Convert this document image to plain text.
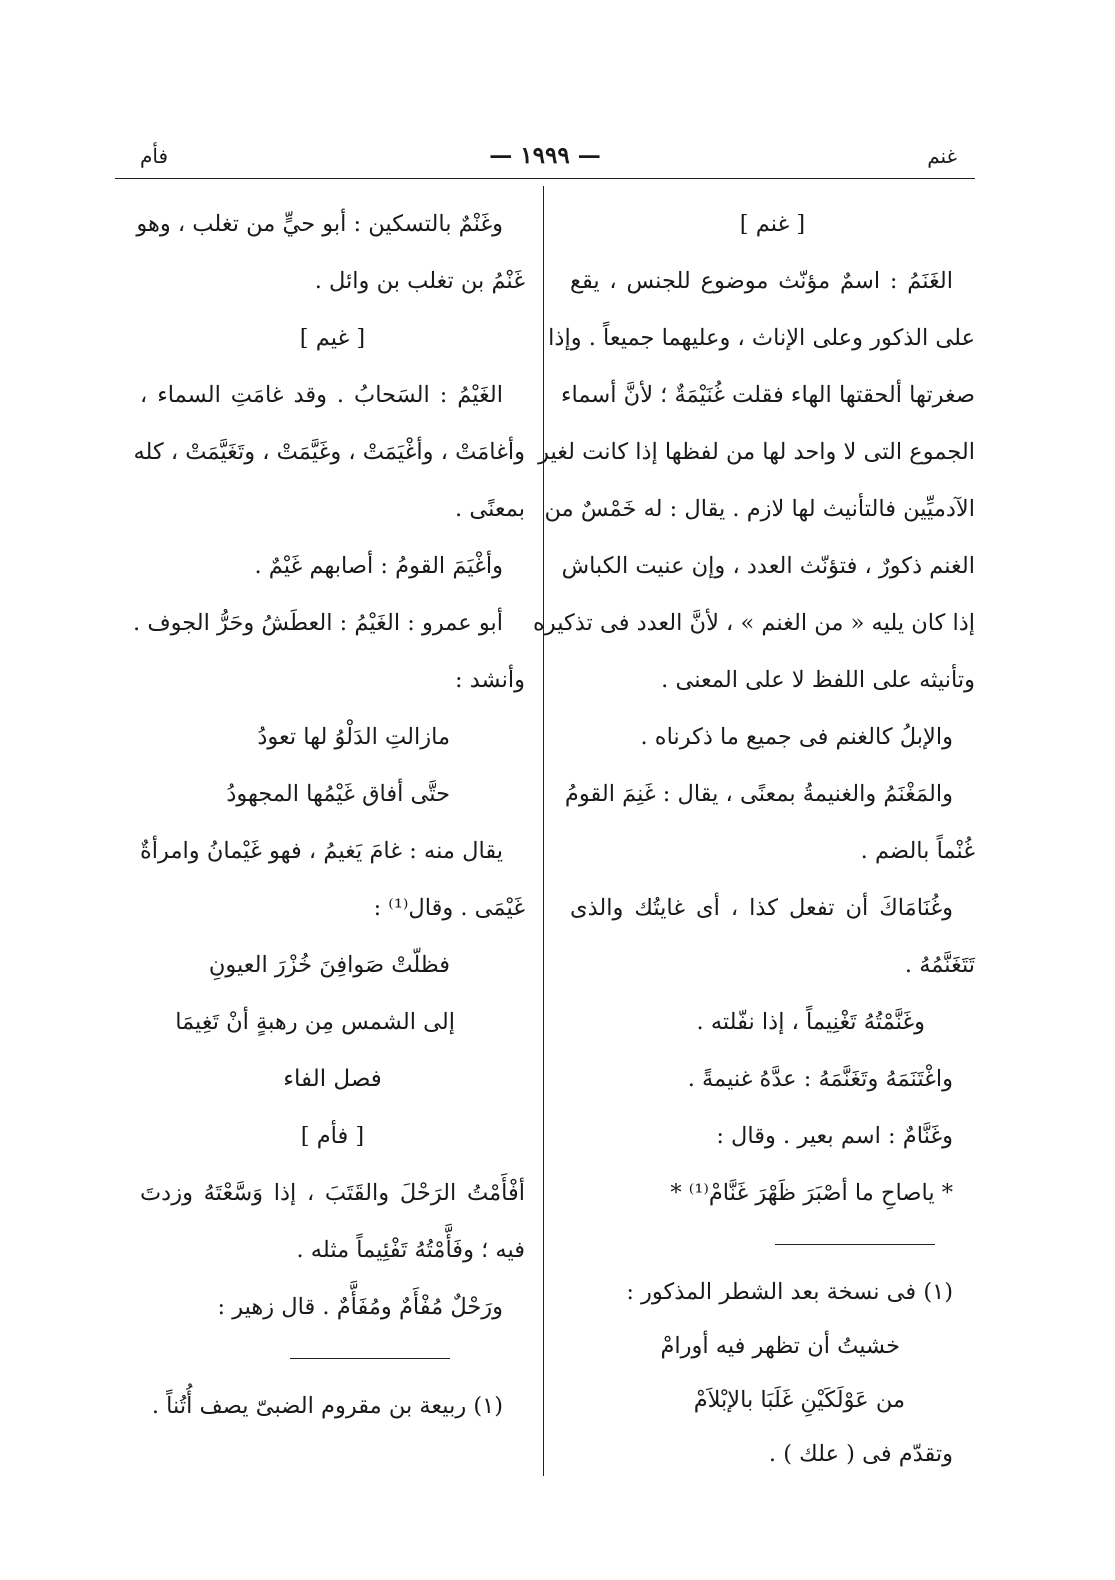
غنم
— ١٩٩٩ —
فأم
[ غنم ]
الغَنَمُ : اسمٌ مؤنّث موضوع للجنس ، يقع
على الذكور وعلى الإناث ، وعليهما جميعاً . وإذا
صغرتها ألحقتها الهاء فقلت غُنَيْمَةٌ ؛ لأنَّ أسماء
الجموع التى لا واحد لها من لفظها إذا كانت لغير
الآدميِّين فالتأنيث لها لازم . يقال : له خَمْسٌ من
الغنم ذكورٌ ، فتؤنّث العدد ، وإن عنيت الكباش
إذا كان يليه « من الغنم » ، لأنَّ العدد فى تذكيره
وتأنيثه على اللفظ لا على المعنى .
والإبلُ كالغنم فى جميع ما ذكرناه .
والمَغْنَمُ والغنيمةُ بمعنًى ، يقال : غَنِمَ القومُ
غُنْماً بالضم .
وغُنَامَاكَ أن تفعل كذا ، أى غايتُك والذى
تَتَغَنَّمُهُ .
وغَنَّمْتُهُ تَغْنِيماً ، إذا نفّلته .
واغْتَنَمَهُ وتَغَنَّمَهُ : عدَّهُ غنيمةً .
وغَنَّامٌ : اسم بعير . وقال :
* ياصاحِ ما أصْبَرَ ظَهْرَ غَنَّامْ⁽¹⁾ *
(١) فى نسخة بعد الشطر المذكور :
خشيتُ أن تظهر فيه أورامْ
من عَوْلَكَيْنِ غَلَبَا بالإبْلاَمْ
وتقدّم فى ( علك ) .
وغَنْمٌ بالتسكين : أبو حيٍّ من تغلب ، وهو
غَنْمُ بن تغلب بن وائل .
[ غيم ]
الغَيْمُ : السَحابُ . وقد غامَتِ السماء ،
وأغامَتْ ، وأغْيَمَتْ ، وغَيَّمَتْ ، وتَغَيَّمَتْ ، كله
بمعنًى .
وأغْيَمَ القومُ : أصابهم غَيْمٌ .
أبو عمرو : الغَيْمُ : العطَشُ وحَرُّ الجوف .
وأنشد :
مازالتِ الدَلْوُ لها تعودُ
حتَّى أفاق غَيْمُها المجهودُ
يقال منه : غامَ يَغيمُ ، فهو غَيْمانُ وامرأةٌ
غَيْمَى . وقال⁽¹⁾ :
فظلّتْ صَوافِنَ خُزْرَ العيونِ
إلى الشمس مِن رهبةٍ أنْ تَغِيمَا
فصل الفاء
[ فأم ]
أفْأَمْتُ الرَحْلَ والقَتَبَ ، إذا وَسَّعْتَهُ وزدتَ
فيه ؛ وفَأَّمْتُهُ تَفْئِيماً مثله .
ورَحْلٌ مُفْأَمٌ ومُفَأَّمٌ . قال زهير :
(١) ربيعة بن مقروم الضبىّ يصف أُتُناً .
